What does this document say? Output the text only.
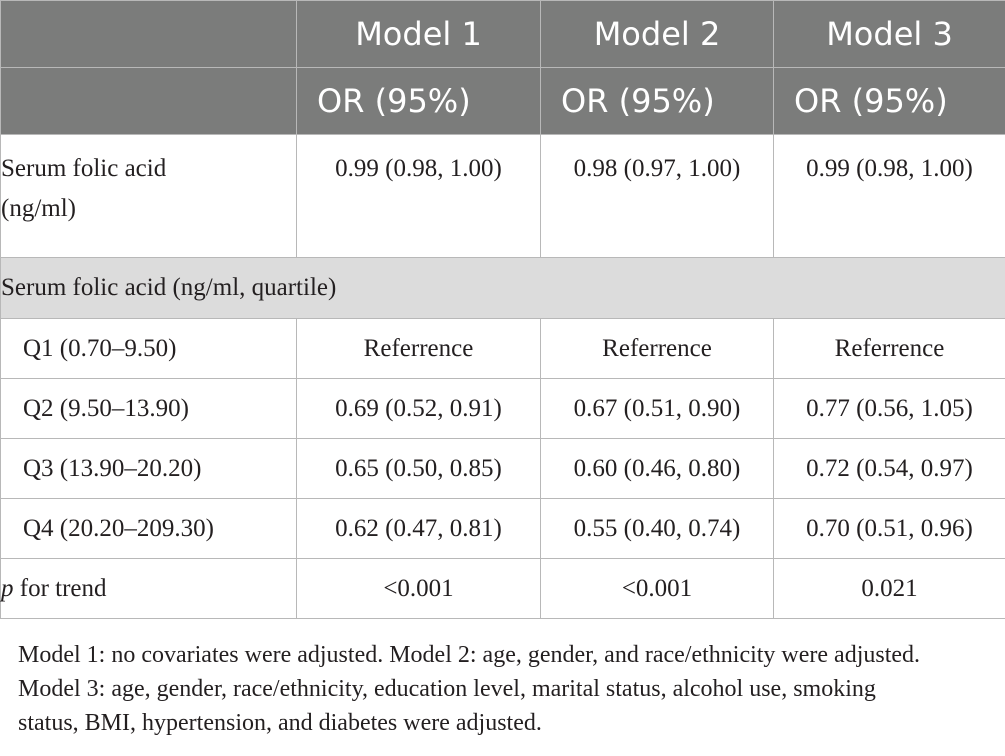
	Model 1	Model 2	Model 3
	OR (95%)	OR (95%)	OR (95%)
Serum folic acid
(ng/ml)	0.99 (0.98, 1.00)	0.98 (0.97, 1.00)	0.99 (0.98, 1.00)
Serum folic acid (ng/ml, quartile)			
Q1 (0.70–9.50)	Referrence	Referrence	Referrence
Q2 (9.50–13.90)	0.69 (0.52, 0.91)	0.67 (0.51, 0.90)	0.77 (0.56, 1.05)
Q3 (13.90–20.20)	0.65 (0.50, 0.85)	0.60 (0.46, 0.80)	0.72 (0.54, 0.97)
Q4 (20.20–209.30)	0.62 (0.47, 0.81)	0.55 (0.40, 0.74)	0.70 (0.51, 0.96)
p for trend	<0.001	<0.001	0.021

Model 1: no covariates were adjusted. Model 2: age, gender, and race/ethnicity were adjusted.

Model 3: age, gender, race/ethnicity, education level, marital status, alcohol use, smoking

status, BMI, hypertension, and diabetes were adjusted.
